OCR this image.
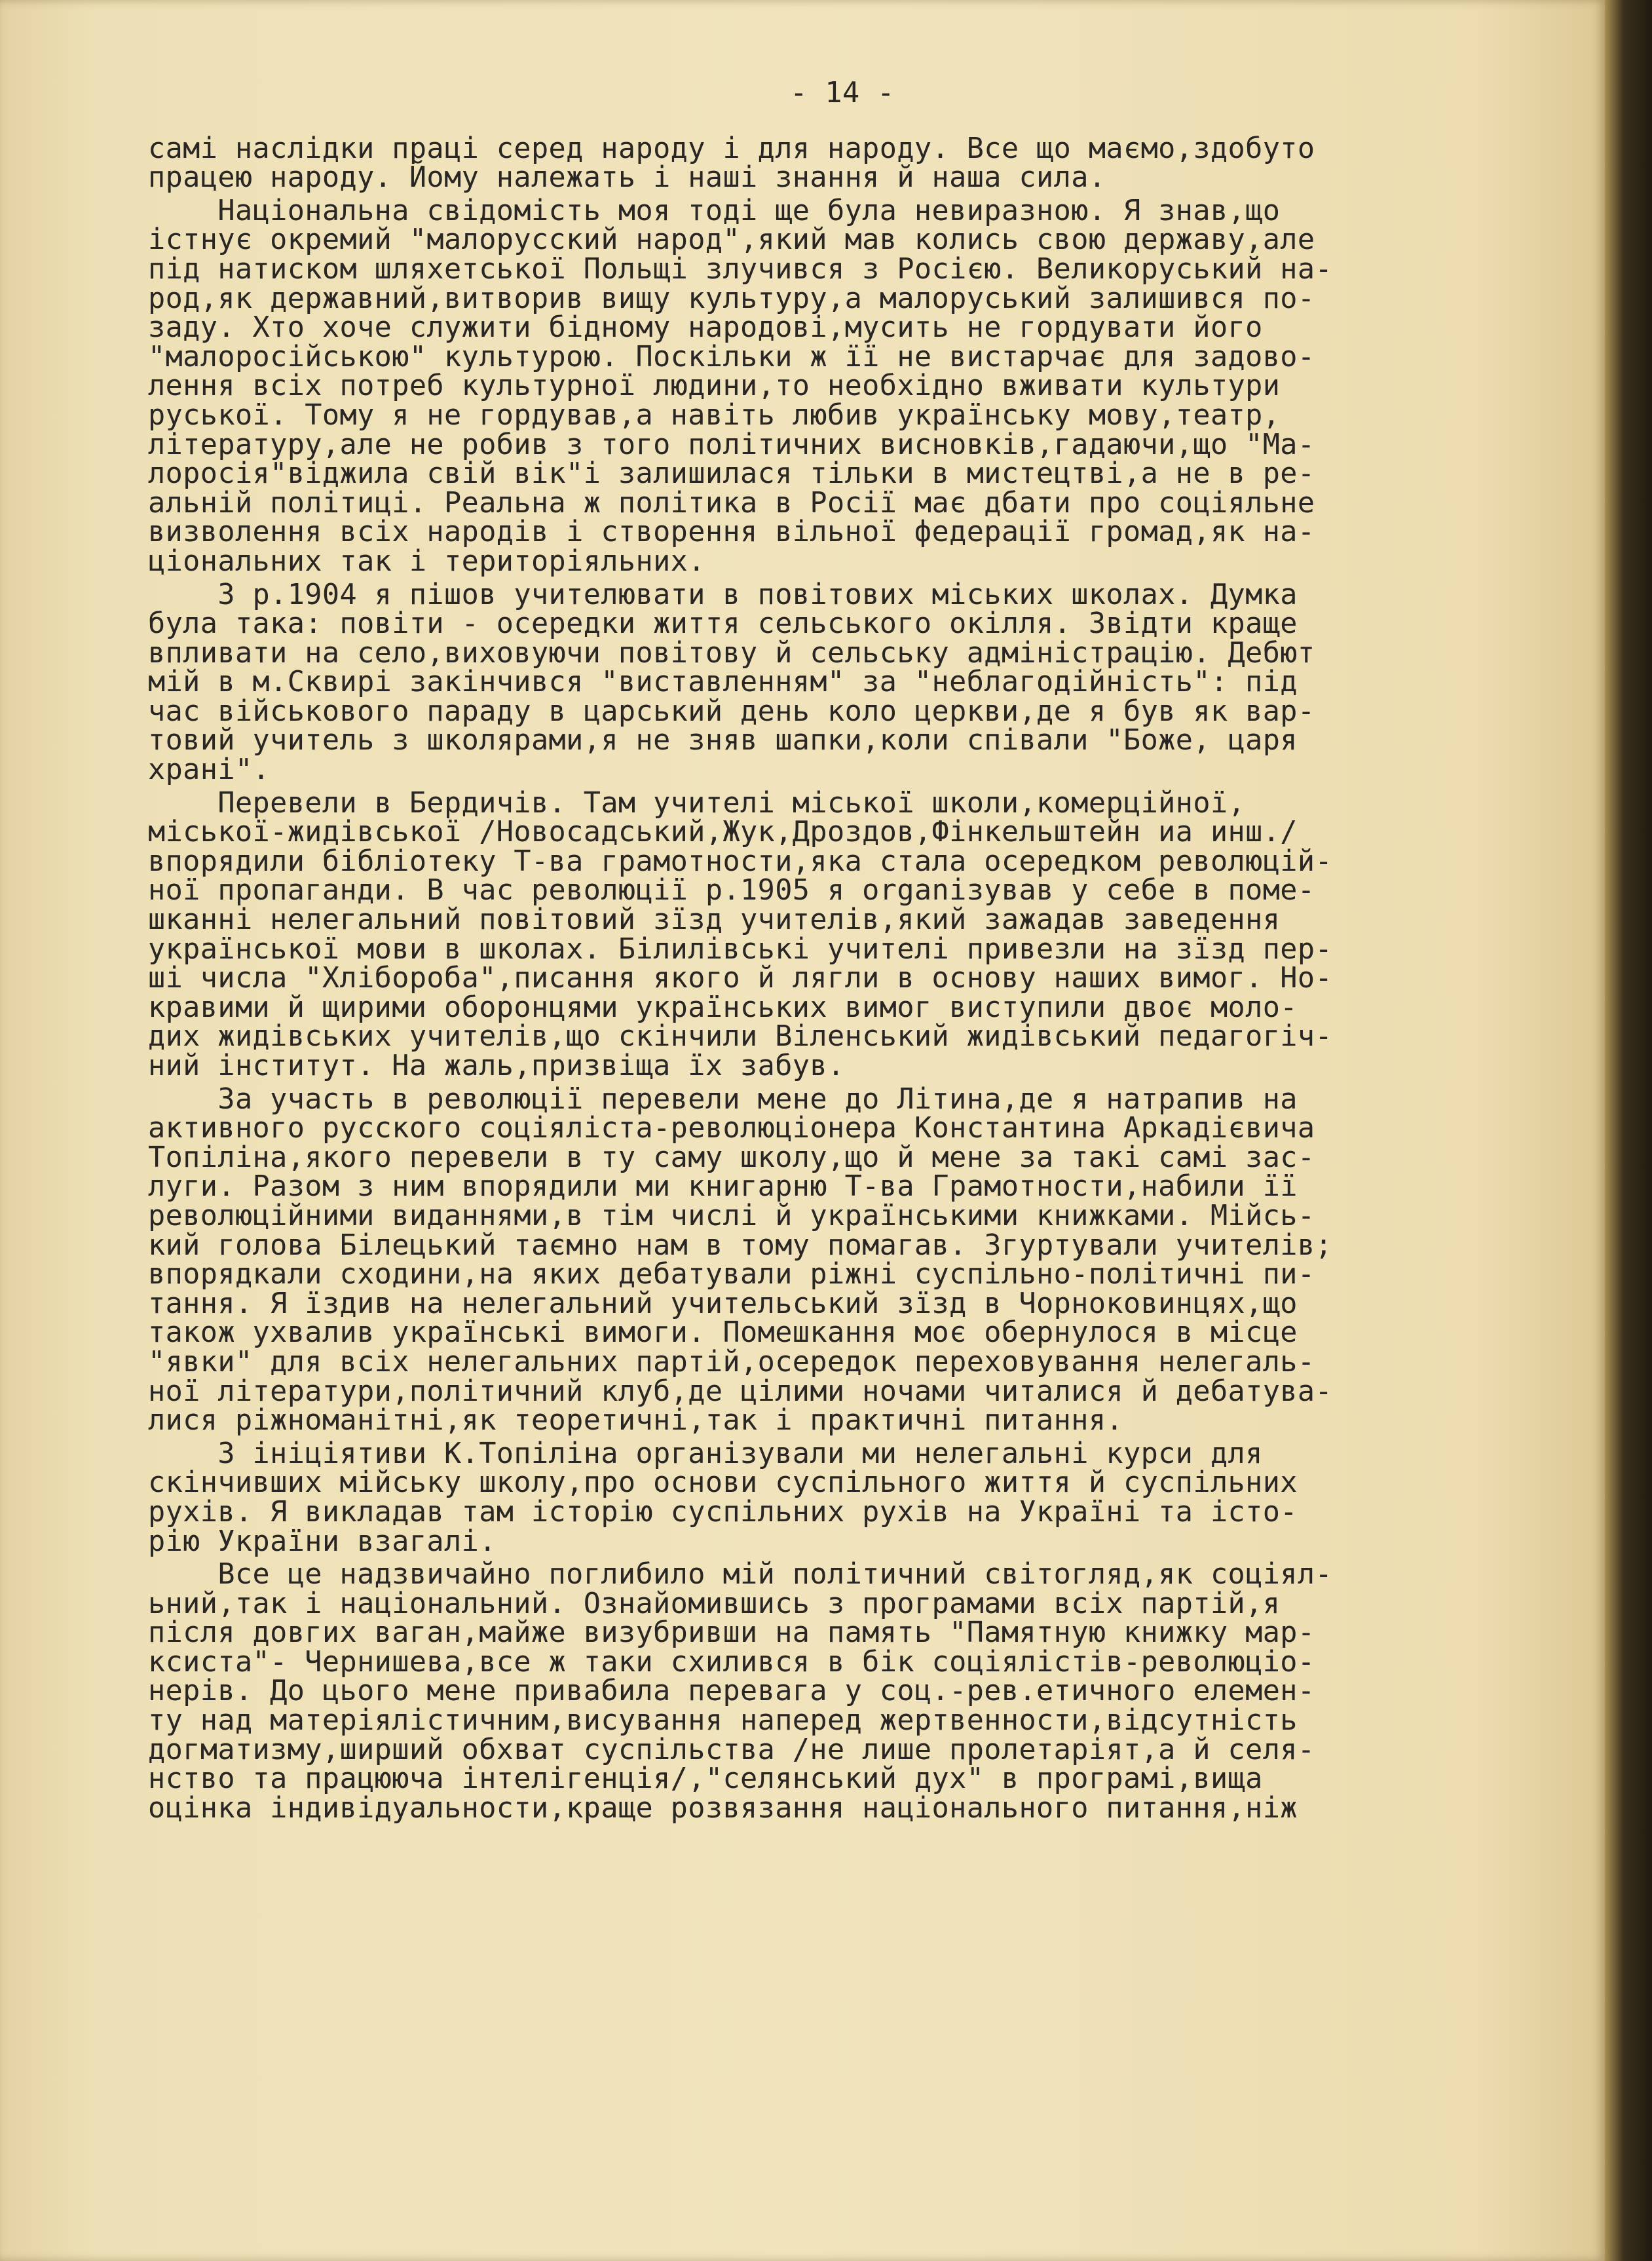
- 14 -
самі наслідки праці серед народу і для народу. Все що маємо,здобуто
працею народу. Йому належать і наші знання й наша сила.
Національна свідомість моя тоді ще була невиразною. Я знав,що
істнує окремий "малорусский народ",який мав колись свою державу,але
під натиском шляхетської Польщі злучився з Росією. Великоруський на-
род,як державний,витворив вищу культуру,а малоруський залишився по-
заду. Хто хоче служити бідному народові,мусить не гордувати його
"малоросійською" культурою. Поскільки ж її не вистарчає для задово-
лення всіх потреб культурної людини,то необхідно вживати культури
руської. Тому я не гордував,а навіть любив українську мову,театр,
літературу,але не робив з того політичних висновків,гадаючи,що "Ма-
лоросія"віджила свій вік"і залишилася тільки в мистецтві,а не в ре-
альній політиці. Реальна ж політика в Росії має дбати про соціяльне
визволення всіх народів і створення вільної федерації громад,як на-
ціональних так і територіяльних.
З р.1904 я пішов учителювати в повітових міських школах. Думка
була така: повіти - осередки життя сельського окілля. Звідти краще
впливати на село,виховуючи повітову й сельську адміністрацію. Дебют
мій в м.Сквирі закінчився "виставленням" за "неблагодійність": під
час військового параду в царський день коло церкви,де я був як вар-
товий учитель з школярами,я не зняв шапки,коли співали "Боже, царя
храні".
Перевели в Бердичів. Там учителі міської школи,комерційної,
міської-жидівської /Новосадський,Жук,Дроздов,Фінкельштейн иа инш./
впорядили бібліотеку Т-ва грамотности,яка стала осередком революцій-
ної пропаганди. В час революції р.1905 я organізував у себе в поме-
шканні нелегальний повітовий зїзд учителів,який зажадав заведення
української мови в школах. Білилівські учителі привезли на зїзд пер-
ші числа "Хлібороба",писання якого й лягли в основу наших вимог. Но-
кравими й щирими оборонцями українських вимог виступили двоє моло-
дих жидівських учителів,що скінчили Віленський жидівський педагогіч-
ний інститут. На жаль,призвіща їх забув.
За участь в революції перевели мене до Літина,де я натрапив на
активного русского соціяліста-революціонера Константина Аркадієвича
Топіліна,якого перевели в ту саму школу,що й мене за такі самі зас-
луги. Разом з ним впорядили ми книгарню Т-ва Грамотности,набили її
революційними виданнями,в тім числі й українськими книжками. Мійсь-
кий голова Білецький таємно нам в тому помагав. Згуртували учителів;
впорядкали сходини,на яких дебатували ріжні суспільно-політичні пи-
тання. Я їздив на нелегальний учительський зїзд в Чорноковинцях,що
також ухвалив українські вимоги. Помешкання моє обернулося в місце
"явки" для всіх нелегальних партій,осередок переховування нелегаль-
ної літератури,політичний клуб,де цілими ночами читалися й дебатува-
лися ріжноманітні,як теоретичні,так і практичні питання.
З ініціятиви К.Топіліна організували ми нелегальні курси для
скінчивших мійську школу,про основи суспільного життя й суспільних
рухів. Я викладав там історію суспільних рухів на Україні та істо-
рію України взагалі.
Все це надзвичайно поглибило мій політичний світогляд,як соціял-
ьний,так і національний. Ознайомившись з програмами всіх партій,я
після довгих ваган,майже визубривши на память "Памятную книжку мар-
ксиста"- Чернишева,все ж таки схилився в бік соціялістів-революціо-
нерів. До цього мене привабила перевага у соц.-рев.етичного елемен-
ту над матеріялістичним,висування наперед жертвенности,відсутність
догматизму,ширший обхват суспільства /не лише пролетаріят,а й селя-
нство та працююча інтелігенція/,"селянський дух" в програмі,вища
оцінка індивідуальности,краще розвязання національного питання,ніж
